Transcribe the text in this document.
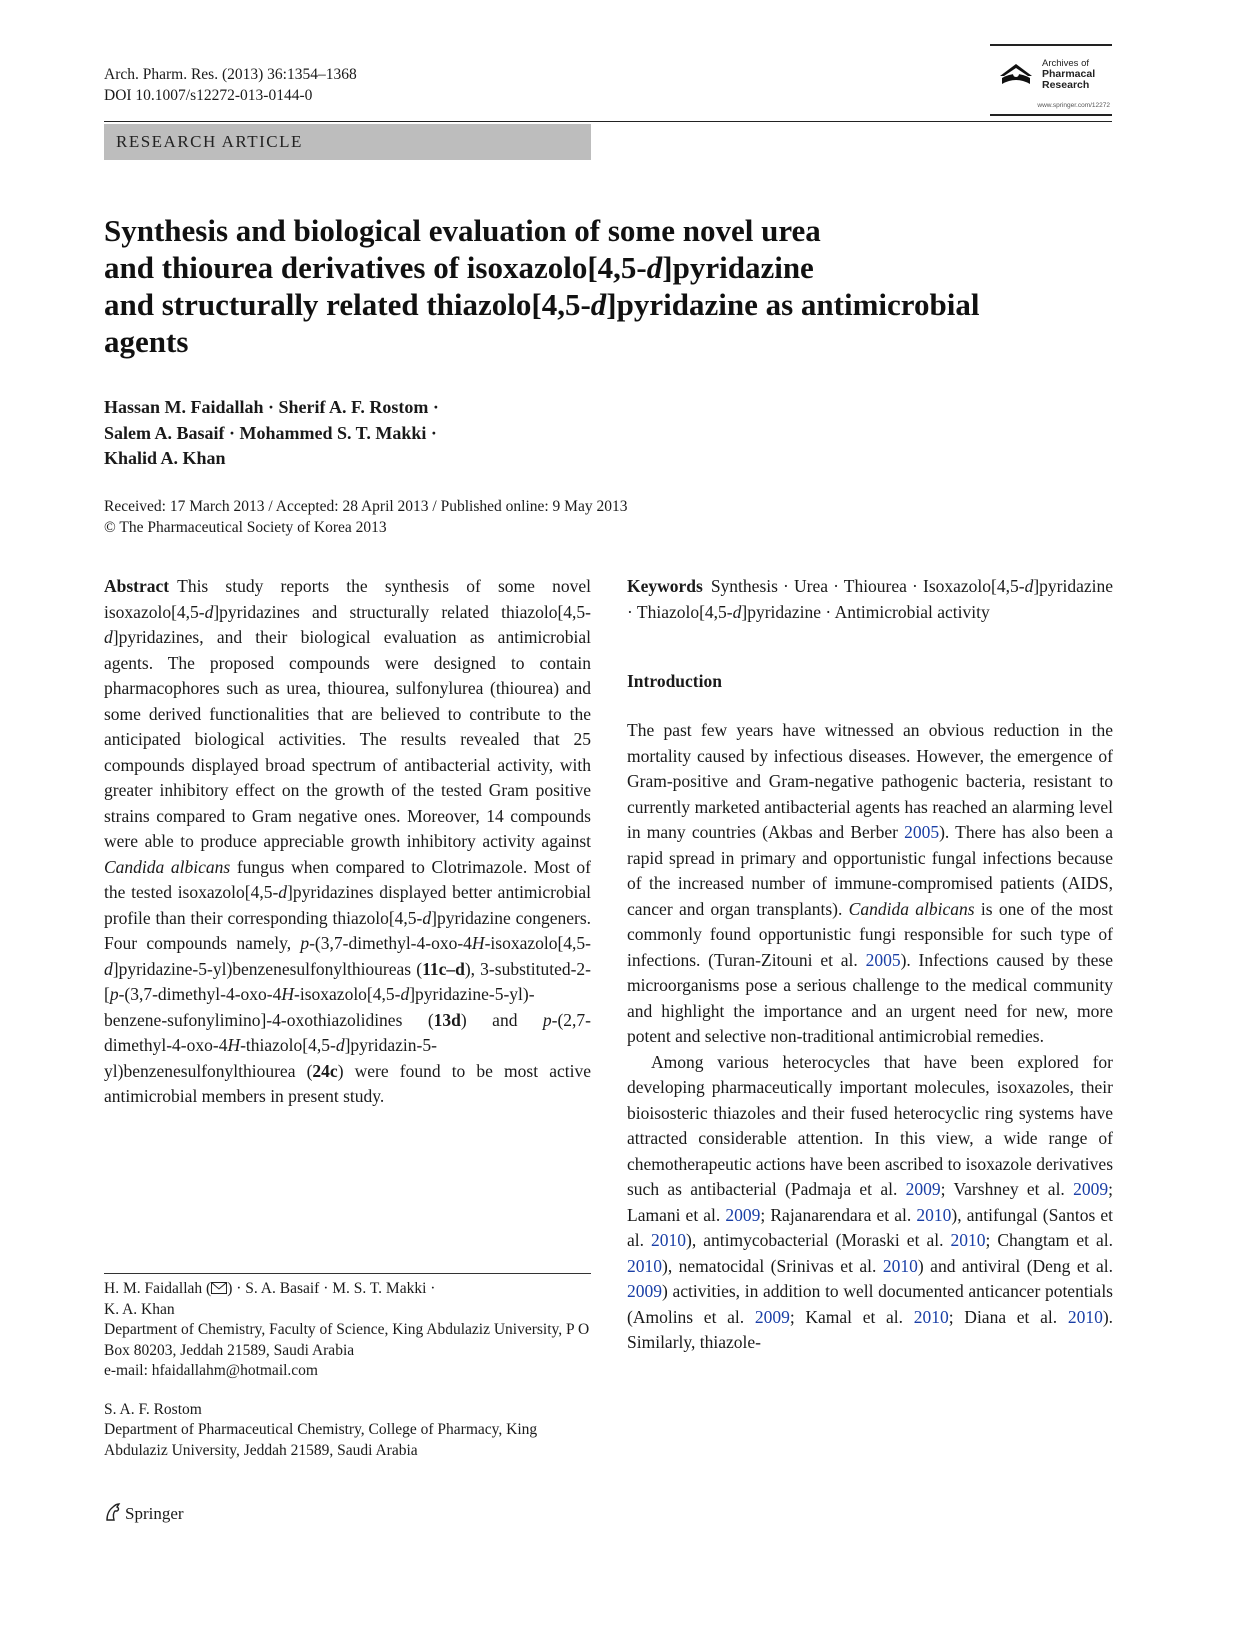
Arch. Pharm. Res. (2013) 36:1354–1368
DOI 10.1007/s12272-013-0144-0
Archives of
Pharmacal
Research
www.springer.com/12272
RESEARCH ARTICLE
Synthesis and biological evaluation of some novel urea
and thiourea derivatives of isoxazolo[4,5-d]pyridazine
and structurally related thiazolo[4,5-d]pyridazine as antimicrobial
agents
Hassan M. Faidallah · Sherif A. F. Rostom ·
Salem A. Basaif · Mohammed S. T. Makki ·
Khalid A. Khan
Received: 17 March 2013 / Accepted: 28 April 2013 / Published online: 9 May 2013
© The Pharmaceutical Society of Korea 2013

Abstract This study reports the synthesis of some novel isoxazolo[4,5-d]pyridazines and structurally related thiazolo[4,5-d]pyridazines, and their biological evaluation as antimicrobial agents. The proposed compounds were designed to contain pharmacophores such as urea, thiourea, sulfonylurea (thiourea) and some derived functionalities that are believed to contribute to the anticipated biological activities. The results revealed that 25 compounds displayed broad spectrum of antibacterial activity, with greater inhibitory effect on the growth of the tested Gram positive strains compared to Gram negative ones. Moreover, 14 compounds were able to produce appreciable growth inhibitory activity against Candida albicans fungus when compared to Clotrimazole. Most of the tested isoxazolo[4,5-d]pyridazines displayed better antimicrobial profile than their corresponding thiazolo[4,5-d]pyridazine congeners. Four compounds namely, p-(3,7-dimethyl-4-oxo-4H-isoxazolo[4,5-d]pyridazine-5-yl)benzenesulfonylthioureas (11c–d), 3-substituted-2-[p-(3,7-dimethyl-4-oxo-4H-isoxazolo[4,5-d]pyridazine-5-yl)-benzene-sufonylimino]-4-oxothiazolidines (13d) and p-(2,7-dimethyl-4-oxo-4H-thiazolo[4,5-d]pyridazin-5-yl)benzenesulfonylthiourea (24c) were found to be most active antimicrobial members in present study.

Keywords Synthesis · Urea · Thiourea · Isoxazolo[4,5-d]pyridazine · Thiazolo[4,5-d]pyridazine · Antimicrobial activity

Introduction

The past few years have witnessed an obvious reduction in the mortality caused by infectious diseases. However, the emergence of Gram-positive and Gram-negative pathogenic bacteria, resistant to currently marketed antibacterial agents has reached an alarming level in many countries (Akbas and Berber 2005). There has also been a rapid spread in primary and opportunistic fungal infections because of the increased number of immune-compromised patients (AIDS, cancer and organ transplants). Candida albicans is one of the most commonly found opportunistic fungi responsible for such type of infections. (Turan-Zitouni et al. 2005). Infections caused by these microorganisms pose a serious challenge to the medical community and highlight the importance and an urgent need for new, more potent and selective non-traditional antimicrobial remedies.

Among various heterocycles that have been explored for developing pharmaceutically important molecules, isoxazoles, their bioisosteric thiazoles and their fused heterocyclic ring systems have attracted considerable attention. In this view, a wide range of chemotherapeutic actions have been ascribed to isoxazole derivatives such as antibacterial (Padmaja et al. 2009; Varshney et al. 2009; Lamani et al. 2009; Rajanarendara et al. 2010), antifungal (Santos et al. 2010), antimycobacterial (Moraski et al. 2010; Changtam et al. 2010), nematocidal (Srinivas et al. 2010) and antiviral (Deng et al. 2009) activities, in addition to well documented anticancer potentials (Amolins et al. 2009; Kamal et al. 2010; Diana et al. 2010). Similarly, thiazole-

H. M. Faidallah ( ) · S. A. Basaif · M. S. T. Makki ·

K. A. Khan

Department of Chemistry, Faculty of Science, King Abdulaziz University, P O Box 80203, Jeddah 21589, Saudi Arabia

e-mail: hfaidallahm@hotmail.com

S. A. F. Rostom

Department of Pharmaceutical Chemistry, College of Pharmacy, King Abdulaziz University, Jeddah 21589, Saudi Arabia

Springer
